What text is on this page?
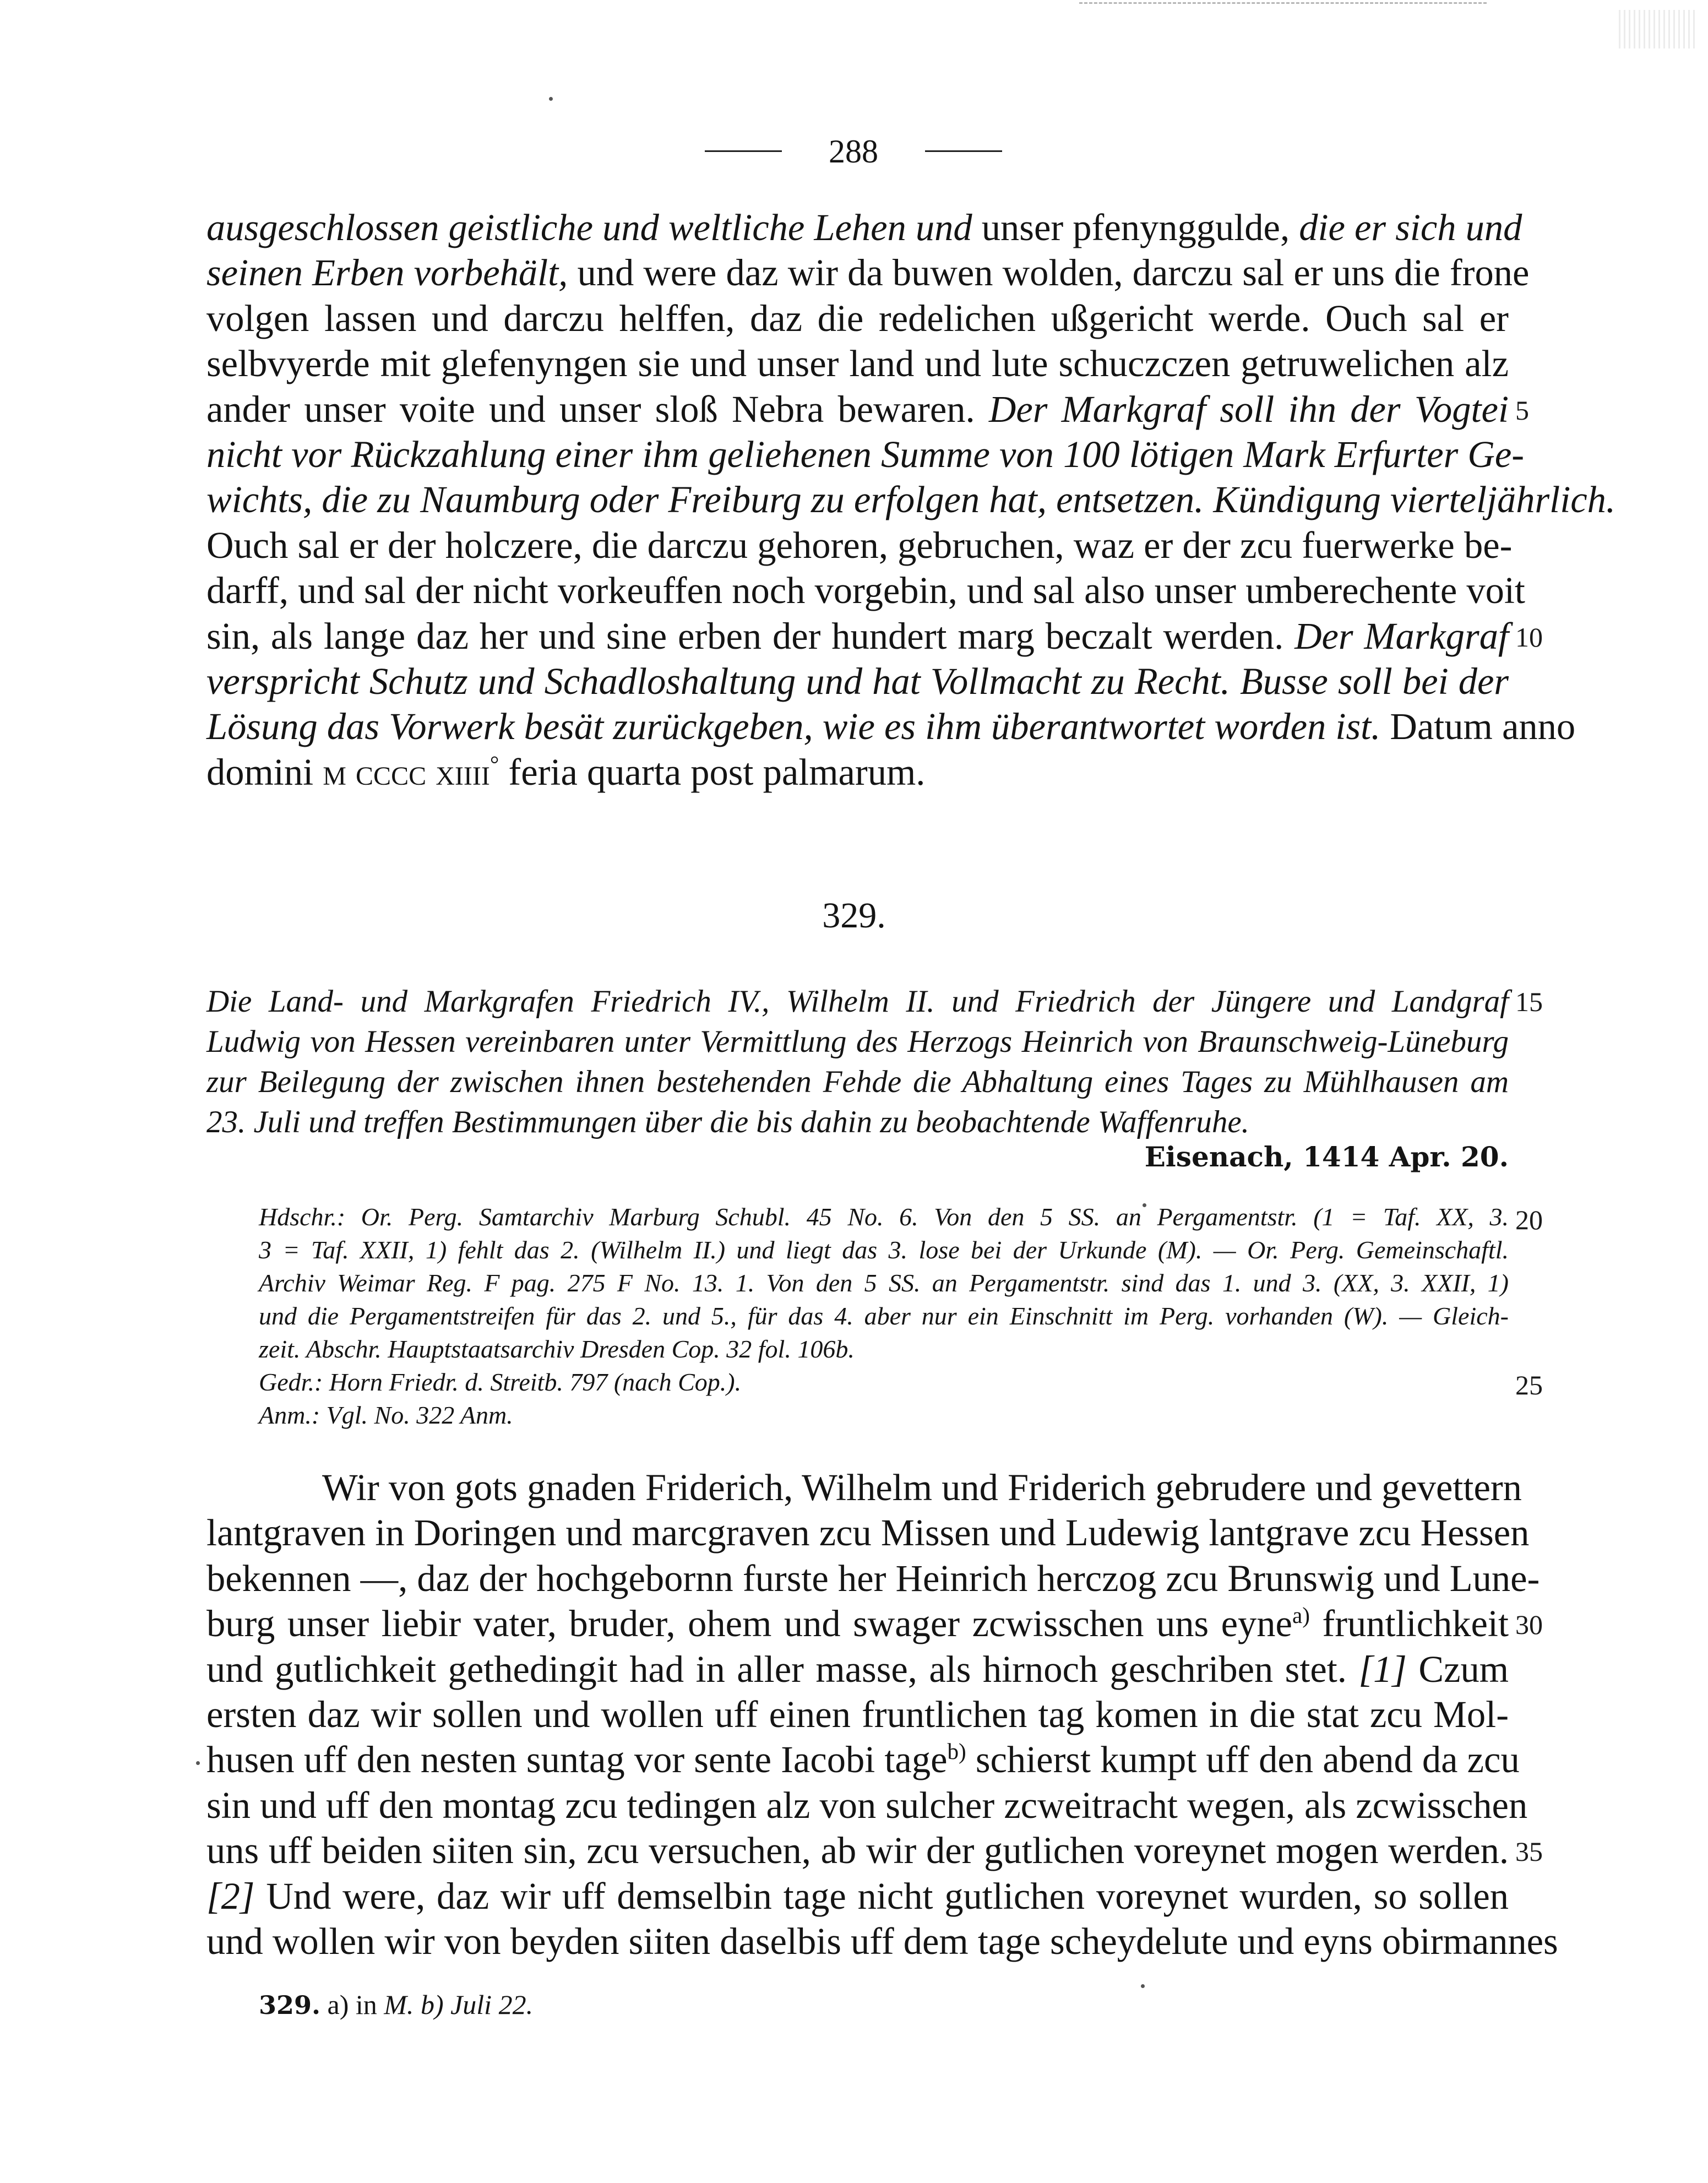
288
ausgeschlossen geistliche und weltliche Lehen und unser pfenynggulde, die er sich und
seinen Erben vorbehält, und were daz wir da buwen wolden, darczu sal er uns die frone
volgen lassen und darczu helffen, daz die redelichen ußgericht werde. Ouch sal er
selbvyerde mit glefenyngen sie und unser land und lute schuczczen getruwelichen alz
ander unser voite und unser sloß Nebra bewaren. Der Markgraf soll ihn der Vogtei
nicht vor Rückzahlung einer ihm geliehenen Summe von 100 lötigen Mark Erfurter Ge-
wichts, die zu Naumburg oder Freiburg zu erfolgen hat, entsetzen. Kündigung vierteljährlich.
Ouch sal er der holczere, die darczu gehoren, gebruchen, waz er der zcu fuerwerke be-
darff, und sal der nicht vorkeuffen noch vorgebin, und sal also unser umberechente voit
sin, als lange daz her und sine erben der hundert marg beczalt werden. Der Markgraf
verspricht Schutz und Schadloshaltung und hat Vollmacht zu Recht. Busse soll bei der
Lösung das Vorwerk besät zurückgeben, wie es ihm überantwortet worden ist. Datum anno
domini m cccc xiiii° feria quarta post palmarum.
5
10
329.
Die Land- und Markgrafen Friedrich IV., Wilhelm II. und Friedrich der Jüngere und Landgraf
Ludwig von Hessen vereinbaren unter Vermittlung des Herzogs Heinrich von Braunschweig-Lüneburg
zur Beilegung der zwischen ihnen bestehenden Fehde die Abhaltung eines Tages zu Mühlhausen am
23. Juli und treffen Bestimmungen über die bis dahin zu beobachtende Waffenruhe.
15
Eisenach, 1414 Apr. 20.
Hdschr.: Or. Perg. Samtarchiv Marburg Schubl. 45 No. 6. Von den 5 SS. an Pergamentstr. (1 = Taf. XX, 3.
3 = Taf. XXII, 1) fehlt das 2. (Wilhelm II.) und liegt das 3. lose bei der Urkunde (M). — Or. Perg. Gemeinschaftl.
Archiv Weimar Reg. F pag. 275 F No. 13. 1. Von den 5 SS. an Pergamentstr. sind das 1. und 3. (XX, 3. XXII, 1)
und die Pergamentstreifen für das 2. und 5., für das 4. aber nur ein Einschnitt im Perg. vorhanden (W). — Gleich-
zeit. Abschr. Hauptstaatsarchiv Dresden Cop. 32 fol. 106b.
Gedr.: Horn Friedr. d. Streitb. 797 (nach Cop.).
Anm.: Vgl. No. 322 Anm.
20
25
Wir von gots gnaden Friderich, Wilhelm und Friderich gebrudere und gevettern
lantgraven in Doringen und marcgraven zcu Missen und Ludewig lantgrave zcu Hessen
bekennen —, daz der hochgebornn furste her Heinrich herczog zcu Brunswig und Lune-
burg unser liebir vater, bruder, ohem und swager zcwisschen uns eyne$^{a)}$ fruntlichkeit
und gutlichkeit gethedingit had in aller masse, als hirnoch geschriben stet. [1] Czum
ersten daz wir sollen und wollen uff einen fruntlichen tag komen in die stat zcu Mol-
husen uff den nesten suntag vor sente Iacobi tage$^{b)}$ schierst kumpt uff den abend da zcu
sin und uff den montag zcu tedingen alz von sulcher zcweitracht wegen, als zcwisschen
uns uff beiden siiten sin, zcu versuchen, ab wir der gutlichen voreynet mogen werden.
[2] Und were, daz wir uff demselbin tage nicht gutlichen voreynet wurden, so sollen
und wollen wir von beyden siiten daselbis uff dem tage scheydelute und eyns obirmannes
30
35
329. a) in M. b) Juli 22.
